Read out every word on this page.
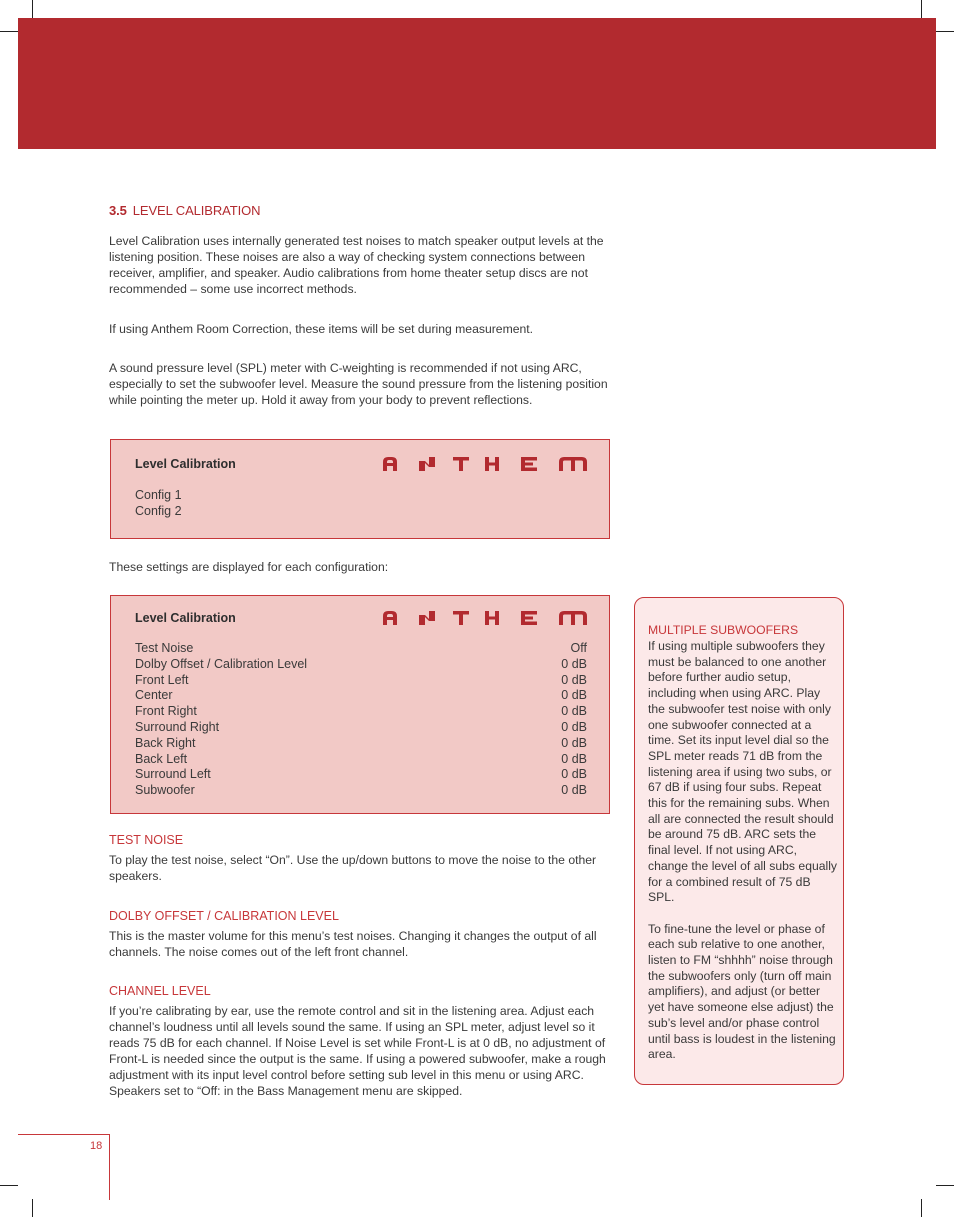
3.5 LEVEL CALIBRATION
Level Calibration uses internally generated test noises to match speaker output levels at the listening position. These noises are also a way of checking system connections between receiver, amplifier, and speaker. Audio calibrations from home theater setup discs are not recommended – some use incorrect methods.
If using Anthem Room Correction, these items will be set during measurement.
A sound pressure level (SPL) meter with C-weighting is recommended if not using ARC, especially to set the subwoofer level. Measure the sound pressure from the listening position while pointing the meter up. Hold it away from your body to prevent reflections.
Level Calibration
Config 1
Config 2
These settings are displayed for each configuration:
Level Calibration
Test Noise	Off
Dolby Offset / Calibration Level	0 dB
Front Left	0 dB
Center	0 dB
Front Right	0 dB
Surround Right	0 dB
Back Right	0 dB
Back Left	0 dB
Surround Left	0 dB
Subwoofer	0 dB
TEST NOISE
To play the test noise, select “On”. Use the up/down buttons to move the noise to the other speakers.
DOLBY OFFSET / CALIBRATION LEVEL
This is the master volume for this menu’s test noises. Changing it changes the output of all channels. The noise comes out of the left front channel.
CHANNEL LEVEL
If you’re calibrating by ear, use the remote control and sit in the listening area. Adjust each channel’s loudness until all levels sound the same. If using an SPL meter, adjust level so it reads 75 dB for each channel. If Noise Level is set while Front-L is at 0 dB, no adjustment of Front-L is needed since the output is the same. If using a powered subwoofer, make a rough adjustment with its input level control before setting sub level in this menu or using ARC. Speakers set to “Off: in the Bass Management menu are skipped.
MULTIPLE SUBWOOFERS
If using multiple subwoofers they must be balanced to one another before further audio setup, including when using ARC. Play the subwoofer test noise with only one subwoofer connected at a time. Set its input level dial so the SPL meter reads 71 dB from the listening area if using two subs, or 67 dB if using four subs. Repeat this for the remaining subs. When all are connected the result should be around 75 dB. ARC sets the final level. If not using ARC, change the level of all subs equally for a combined result of 75 dB SPL.
To fine-tune the level or phase of each sub relative to one another, listen to FM “shhhh” noise through the subwoofers only (turn off main amplifiers), and adjust (or better yet have someone else adjust) the sub’s level and/or phase control until bass is loudest in the listening area.
18
